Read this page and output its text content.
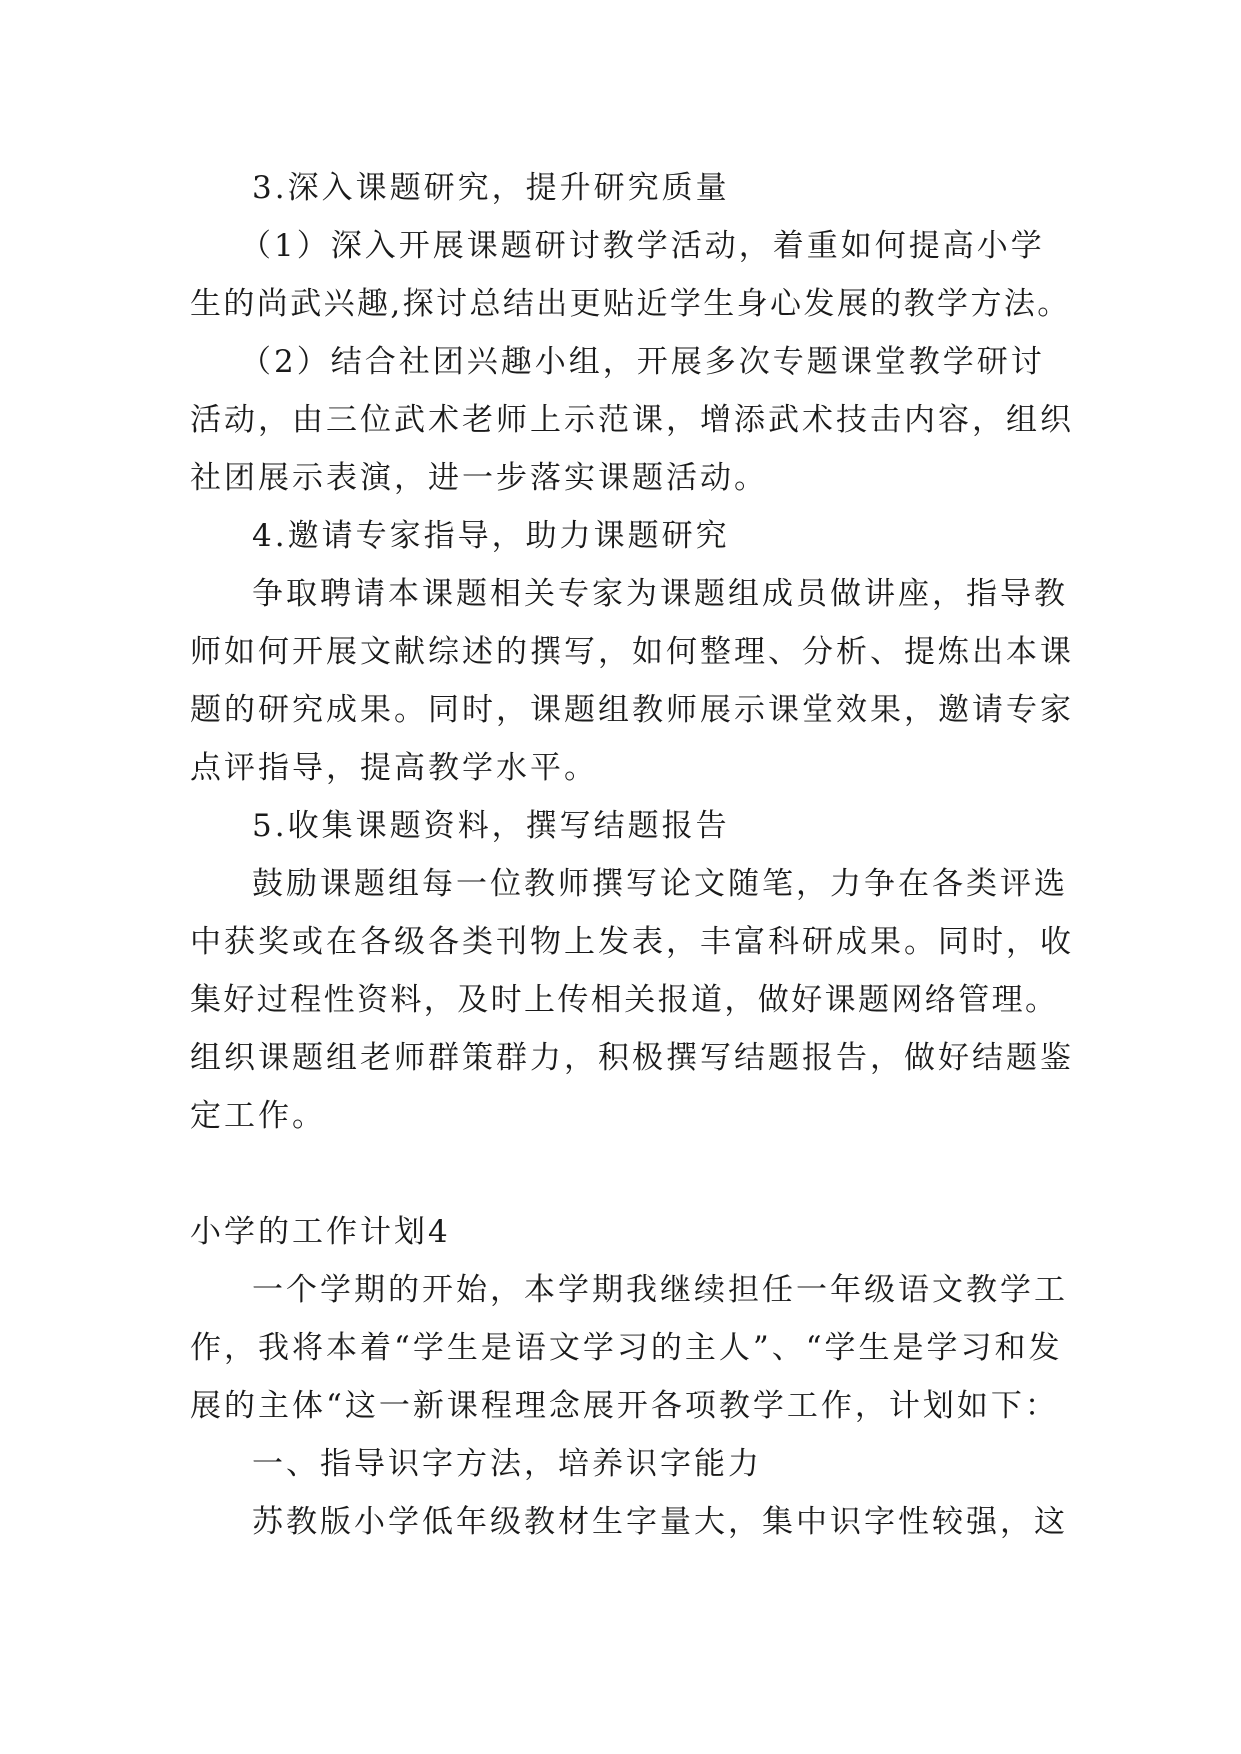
3.深入课题研究，提升研究质量
（1）深入开展课题研讨教学活动，着重如何提高小学
生的尚武兴趣,探讨总结出更贴近学生身心发展的教学方法。
（2）结合社团兴趣小组，开展多次专题课堂教学研讨
活动，由三位武术老师上示范课，增添武术技击内容，组织
社团展示表演，进一步落实课题活动。
4.邀请专家指导，助力课题研究
争取聘请本课题相关专家为课题组成员做讲座，指导教
师如何开展文献综述的撰写，如何整理、分析、提炼出本课
题的研究成果。同时，课题组教师展示课堂效果，邀请专家
点评指导，提高教学水平。
5.收集课题资料，撰写结题报告
鼓励课题组每一位教师撰写论文随笔，力争在各类评选
中获奖或在各级各类刊物上发表，丰富科研成果。同时，收
集好过程性资料，及时上传相关报道，做好课题网络管理。
组织课题组老师群策群力，积极撰写结题报告，做好结题鉴
定工作。
小学的工作计划4
一个学期的开始，本学期我继续担任一年级语文教学工
作，我将本着“学生是语文学习的主人”、“学生是学习和发
展的主体“这一新课程理念展开各项教学工作，计划如下：
一、指导识字方法，培养识字能力
苏教版小学低年级教材生字量大，集中识字性较强，这
